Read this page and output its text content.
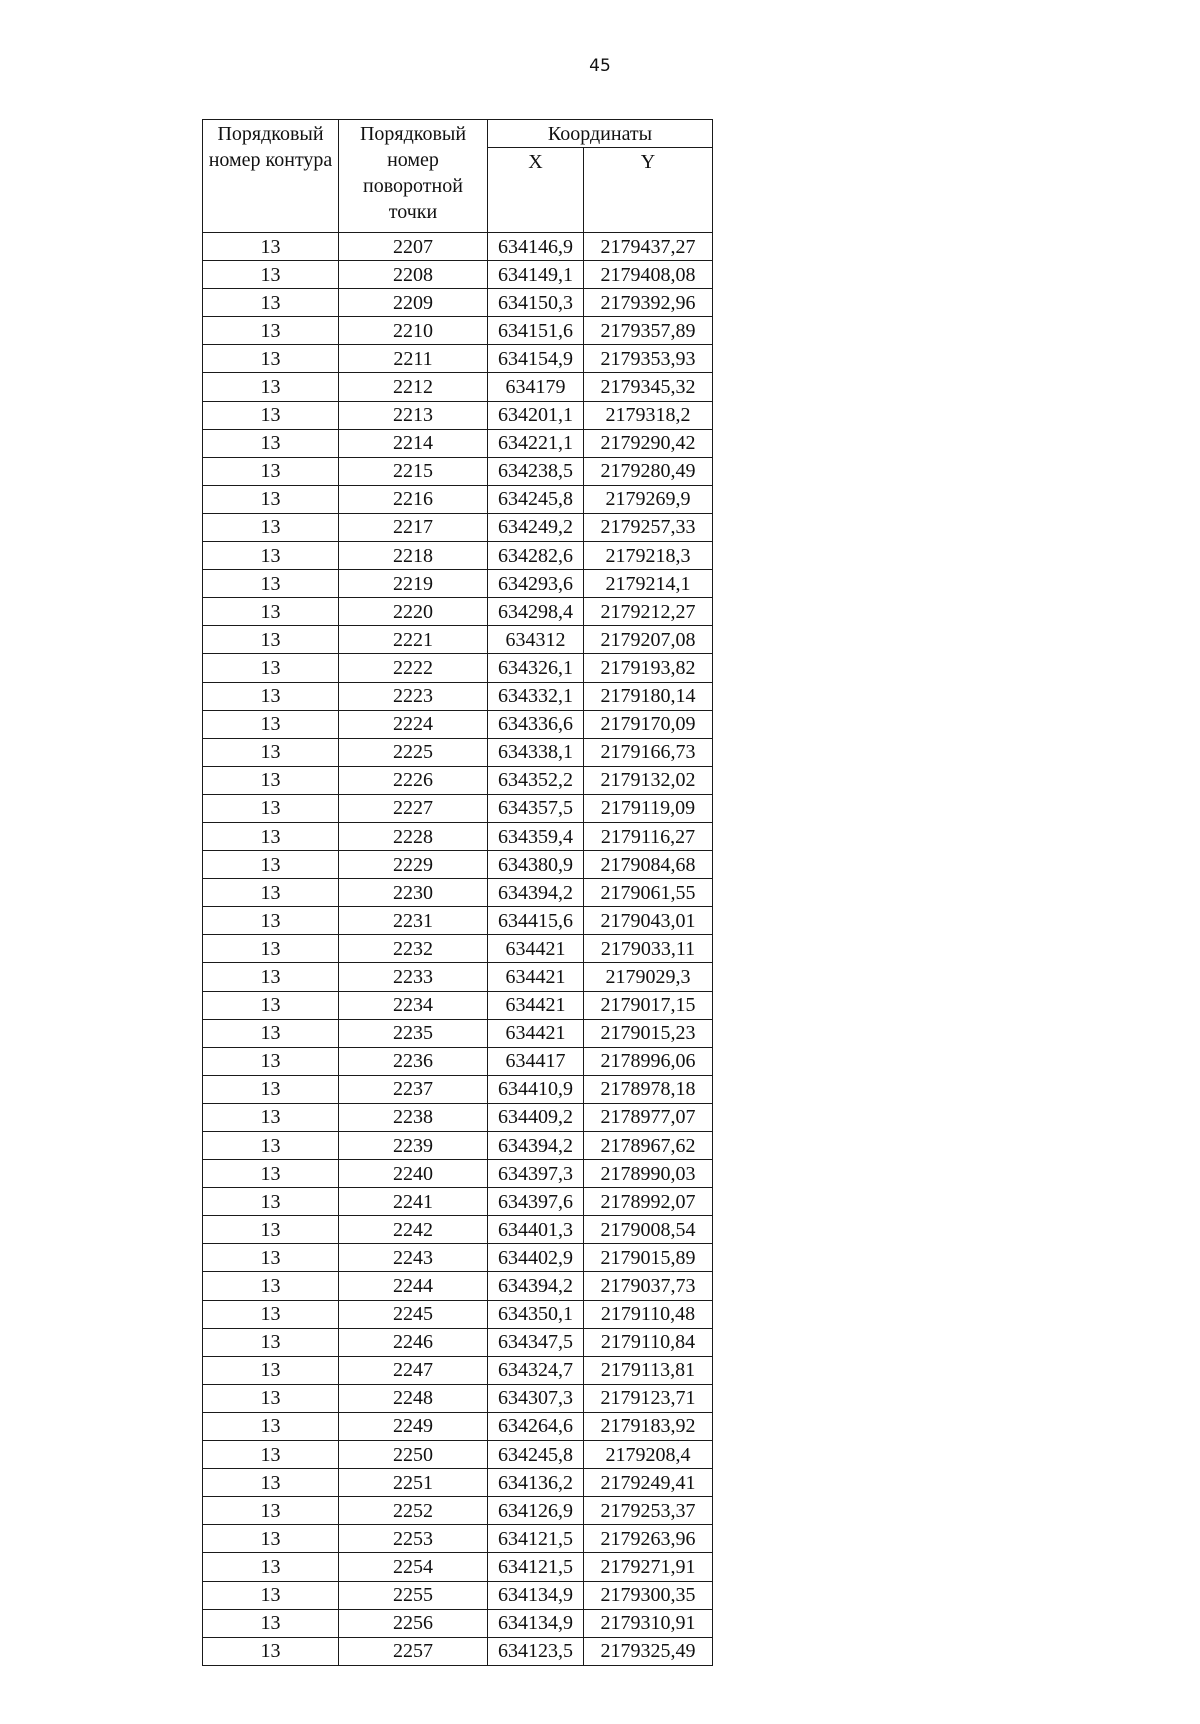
45
Порядковый номер контура	Порядковый номер поворотной точки	Координаты	
		X	Y
13	2207	634146,9	2179437,27
13	2208	634149,1	2179408,08
13	2209	634150,3	2179392,96
13	2210	634151,6	2179357,89
13	2211	634154,9	2179353,93
13	2212	634179	2179345,32
13	2213	634201,1	2179318,2
13	2214	634221,1	2179290,42
13	2215	634238,5	2179280,49
13	2216	634245,8	2179269,9
13	2217	634249,2	2179257,33
13	2218	634282,6	2179218,3
13	2219	634293,6	2179214,1
13	2220	634298,4	2179212,27
13	2221	634312	2179207,08
13	2222	634326,1	2179193,82
13	2223	634332,1	2179180,14
13	2224	634336,6	2179170,09
13	2225	634338,1	2179166,73
13	2226	634352,2	2179132,02
13	2227	634357,5	2179119,09
13	2228	634359,4	2179116,27
13	2229	634380,9	2179084,68
13	2230	634394,2	2179061,55
13	2231	634415,6	2179043,01
13	2232	634421	2179033,11
13	2233	634421	2179029,3
13	2234	634421	2179017,15
13	2235	634421	2179015,23
13	2236	634417	2178996,06
13	2237	634410,9	2178978,18
13	2238	634409,2	2178977,07
13	2239	634394,2	2178967,62
13	2240	634397,3	2178990,03
13	2241	634397,6	2178992,07
13	2242	634401,3	2179008,54
13	2243	634402,9	2179015,89
13	2244	634394,2	2179037,73
13	2245	634350,1	2179110,48
13	2246	634347,5	2179110,84
13	2247	634324,7	2179113,81
13	2248	634307,3	2179123,71
13	2249	634264,6	2179183,92
13	2250	634245,8	2179208,4
13	2251	634136,2	2179249,41
13	2252	634126,9	2179253,37
13	2253	634121,5	2179263,96
13	2254	634121,5	2179271,91
13	2255	634134,9	2179300,35
13	2256	634134,9	2179310,91
13	2257	634123,5	2179325,49
